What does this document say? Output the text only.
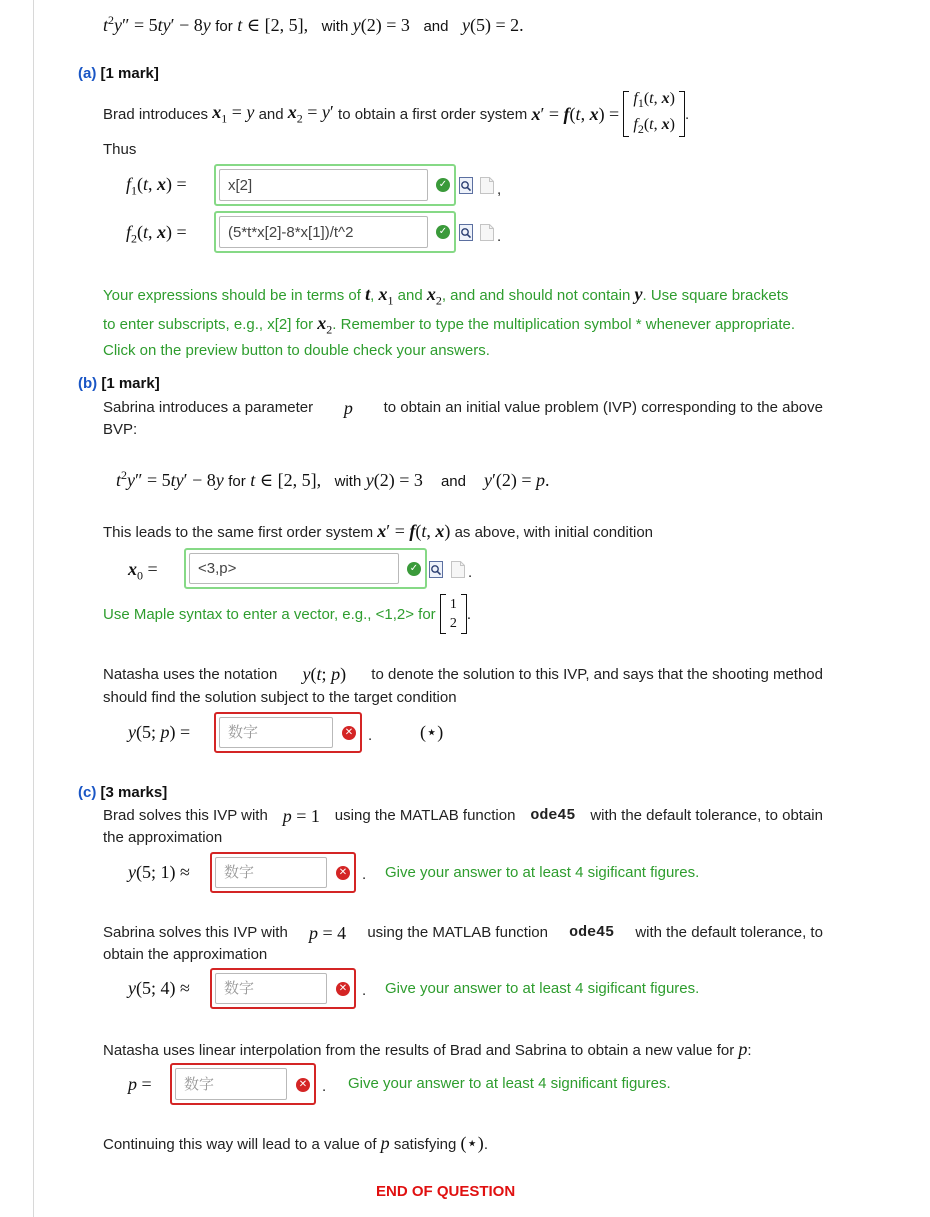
$t^2y'' = 5ty' - 8y$ for t ∈ [2, 5],   with y(2) = 3   and y(5) = 2.
(a) [1 mark]
Brad introduces
$x_1 = y$
and
$x_2 = y'$
to obtain a first order system
x′ = f(t, x) =

$f_1(t$, x)
$f_2(t$, x)
.
Thus
$f_1(t$, x) =
x[2]	✓	,
$f_2(t$, x) =
(5*t*x[2]-8*x[1])/t^2	✓	.
Your expressions should be in terms of t, $x_1$ and $x_2$, and and should not contain y. Use square brackets
to enter subscripts, e.g., x[2] for $x_2$. Remember to type the multiplication symbol * whenever appropriate.
Click on the preview button to double check your answers.
(b) [1 mark]
Sabrina introduces a parameter p to obtain an initial value problem (IVP) corresponding to the above
BVP:
$t^2y'' = 5ty' - 8y$ for t ∈ [2, 5],   with y(2) = 3    and y′(2) = p.
This leads to the same first order system x′ = f(t, x) as above, with initial condition
$x_0$ =
<3,p>	✓	.
Use Maple syntax to enter a vector, e.g., <1,2> for

1
2
.
Natasha uses the notation y(t; p) to denote the solution to this IVP, and says that the shooting method
should find the solution subject to the target condition
y(5; p) =
数字	✕ .	(⋆)
(c) [3 marks]
Brad solves this IVP with p = 1 using the MATLAB function ode45 with the default tolerance, to obtain
the approximation
y(5; 1) ≈
数字	✕ . Give your answer to at least 4 sigificant figures.
Sabrina solves this IVP with p = 4 using the MATLAB function ode45 with the default tolerance, to
obtain the approximation
y(5; 4) ≈
数字	✕ . Give your answer to at least 4 sigificant figures.
Natasha uses linear interpolation from the results of Brad and Sabrina to obtain a new value for p:
p =
数字	✕ . Give your answer to at least 4 significant figures.
Continuing this way will lead to a value of p satisfying (⋆).
END OF QUESTION
